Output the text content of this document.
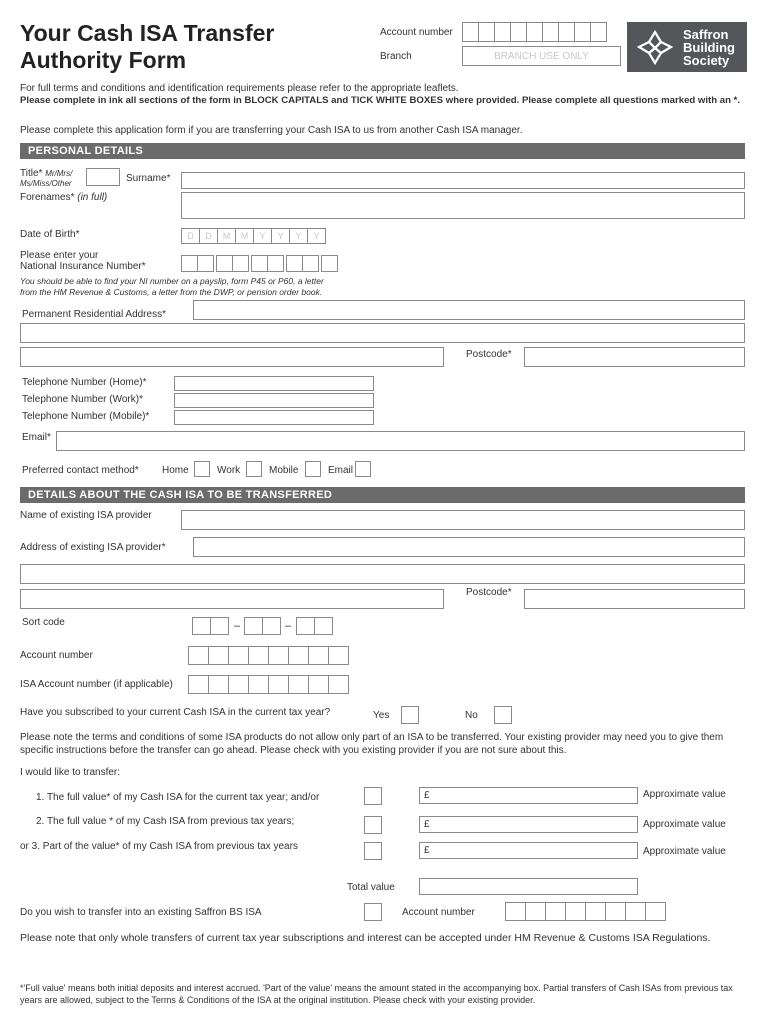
Your Cash ISA Transfer
Authority Form
Account number
Branch	BRANCH USE ONLY
Saffron
Building
Society
For full terms and conditions and identification requirements please refer to the appropriate leaflets.
Please complete in ink all sections of the form in BLOCK CAPITALS and TICK WHITE BOXES where provided. Please complete all questions marked with an *.
Please complete this application form if you are transferring your Cash ISA to us from another Cash ISA manager.
PERSONAL DETAILS
Title* Mr/Mrs/
Ms/Miss/Other	Surname*
Forenames* (in full)
Date of Birth*	D	D	M	M	Y	Y	Y	Y
Please enter your
National Insurance Number*
You should be able to find your NI number on a payslip, form P45 or P60, a letter
from the HM Revenue & Customs, a letter from the DWP, or pension order book.
Permanent Residential Address*
Postcode*
Telephone Number (Home)*
Telephone Number (Work)*
Telephone Number (Mobile)*
Email*
Preferred contact method* Home	Work	Mobile	Email
DETAILS ABOUT THE CASH ISA TO BE TRANSFERRED
Name of existing ISA provider
Address of existing ISA provider*
Postcode*
Sort code	–	–
Account number
ISA Account number (if applicable)
Have you subscribed to your current Cash ISA in the current tax year?	Yes	No
Please note the terms and conditions of some ISA products do not allow only part of an ISA to be transferred. Your existing provider may need you to give them specific instructions before the transfer can go ahead. Please check with you existing provider if you are not sure about this.
I would like to transfer:
1. The full value* of my Cash ISA for the current tax year; and/or	£	Approximate value
2. The full value * of my Cash ISA from previous tax years;	£	Approximate value
or 3. Part of the value* of my Cash ISA from previous tax years	£	Approximate value
Total value
Do you wish to transfer into an existing Saffron BS ISA	Account number
Please note that only whole transfers of current tax year subscriptions and interest can be accepted under HM Revenue & Customs ISA Regulations.
*'Full value' means both initial deposits and interest accrued. 'Part of the value' means the amount stated in the accompanying box. Partial transfers of Cash ISAs from previous tax years are allowed, subject to the Terms & Conditions of the ISA at the original institution. Please check with your existing provider.
